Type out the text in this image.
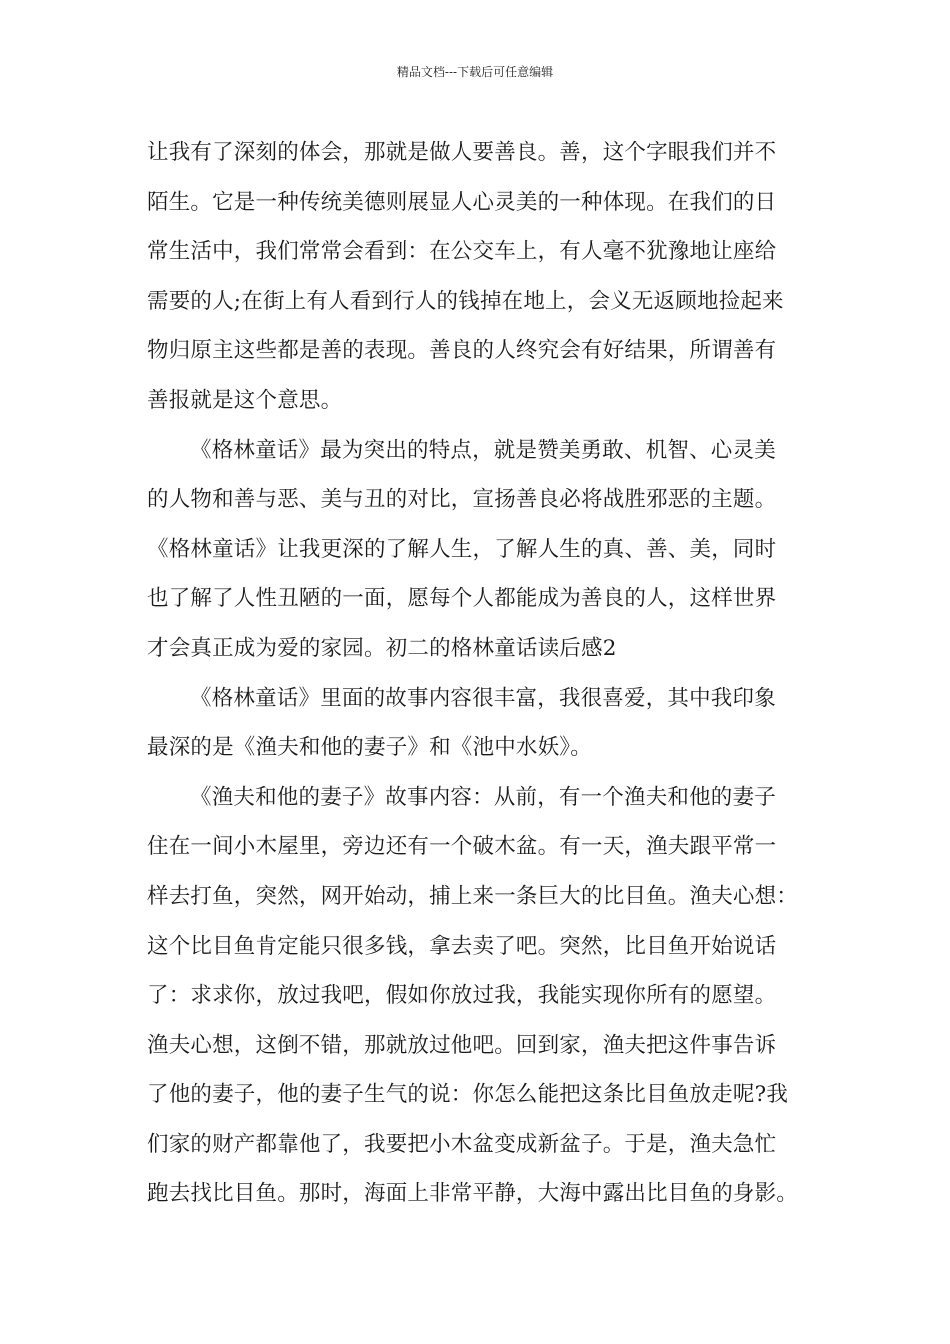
精品文档---下载后可任意编辑
让我有了深刻的体会，那就是做人要善良。善，这个字眼我们并不
陌生。它是一种传统美德则展显人心灵美的一种体现。在我们的日
常生活中，我们常常会看到：在公交车上，有人毫不犹豫地让座给
需要的人;在街上有人看到行人的钱掉在地上，会义无返顾地捡起来
物归原主这些都是善的表现。善良的人终究会有好结果，所谓善有
善报就是这个意思。
《格林童话》最为突出的特点，就是赞美勇敢、机智、心灵美
的人物和善与恶、美与丑的对比，宣扬善良必将战胜邪恶的主题。
《格林童话》让我更深的了解人生，了解人生的真、善、美，同时
也了解了人性丑陋的一面，愿每个人都能成为善良的人，这样世界
才会真正成为爱的家园。初二的格林童话读后感2
《格林童话》里面的故事内容很丰富，我很喜爱，其中我印象
最深的是《渔夫和他的妻子》和《池中水妖》。
《渔夫和他的妻子》故事内容：从前，有一个渔夫和他的妻子
住在一间小木屋里，旁边还有一个破木盆。有一天，渔夫跟平常一
样去打鱼，突然，网开始动，捕上来一条巨大的比目鱼。渔夫心想：
这个比目鱼肯定能只很多钱，拿去卖了吧。突然，比目鱼开始说话
了：求求你，放过我吧，假如你放过我，我能实现你所有的愿望。
渔夫心想，这倒不错，那就放过他吧。回到家，渔夫把这件事告诉
了他的妻子，他的妻子生气的说：你怎么能把这条比目鱼放走呢?我
们家的财产都靠他了，我要把小木盆变成新盆子。于是，渔夫急忙
跑去找比目鱼。那时，海面上非常平静，大海中露出比目鱼的身影。
